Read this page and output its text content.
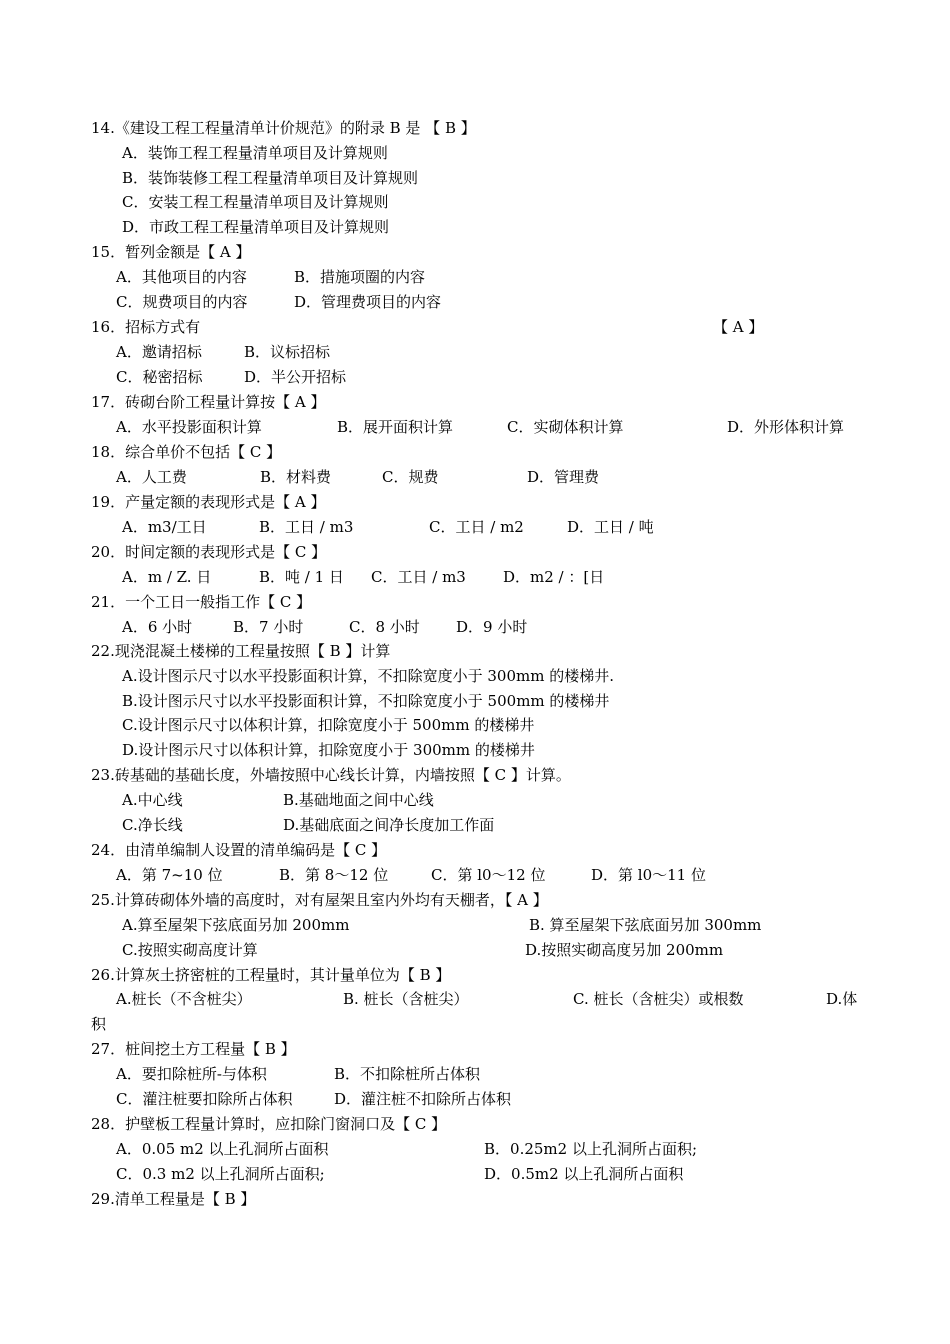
14.《建设工程工程量清单计价规范》的附录 B 是 【 B 】
A．装饰工程工程量清单项目及计算规则
B．装饰装修工程工程量清单项目及计算规则
C．安装工程工程量清单项目及计算规则
D．市政工程工程量清单项目及计算规则
15．暂列金额是【 A 】
A．其他项目的内容	B．措施项圈的内容
C．规费项目的内容	D．管理费项目的内容
16．招标方式有	【 A 】
A．邀请招标	B．议标招标
C．秘密招标	D．半公开招标
17．砖砌台阶工程量计算按【 A 】
A．水平投影面积计算	B．展开面积计算	C．实砌体积计算	D．外形体积计算
18．综合单价不包括【 C 】
A．人工费	B．材料费	C．规费	D．管理费
19．产量定额的表现形式是【 A 】
A．m3/工日	B．工日 / m3	C．工日 / m2	D．工日 / 吨
20．时间定额的表现形式是【 C 】
A．m / Z. 日	B．吨 / 1 日 C．工日 / m3 D．m2 / ：[日
21．一个工日一般指工作【 C 】
A．6 小时	B．7 小时	C．8 小时 D．9 小时
22.现浇混凝土楼梯的工程量按照【 B 】计算
A.设计图示尺寸以水平投影面积计算，不扣除宽度小于 300mm 的楼梯井.
B.设计图示尺寸以水平投影面积计算，不扣除宽度小于 500mm 的楼梯井
C.设计图示尺寸以体积计算，扣除宽度小于 500mm 的楼梯井
D.设计图示尺寸以体积计算，扣除宽度小于 300mm 的楼梯井
23.砖基础的基础长度，外墙按照中心线长计算，内墙按照【 C 】计算。
A.中心线	B.基础地面之间中心线
C.净长线	D.基础底面之间净长度加工作面
24．由清单编制人设置的清单编码是【 C 】
A．第 7~10 位	B．第 8～12 位	C．第 l0～12 位	D．第 l0～11 位
25.计算砖砌体外墙的高度时，对有屋架且室内外均有天棚者，【 A 】
A.算至屋架下弦底面另加 200mm	B. 算至屋架下弦底面另加 300mm
C.按照实砌高度计算	D.按照实砌高度另加 200mm
26.计算灰土挤密桩的工程量时，其计量单位为【 B 】
A.桩长（不含桩尖）	B. 桩长（含桩尖）	C. 桩长（含桩尖）或根数	D.体
积
27．桩间挖土方工程量【 B 】
A．要扣除桩所-与体积	B．不扣除桩所占体积
C．灌注桩要扣除所占体积	D．灌注桩不扣除所占体积
28．护壁板工程量计算时，应扣除门窗洞口及【 C 】
A．0.05 m2 以上孔洞所占面积	B．0.25m2 以上孔洞所占面积;
C．0.3 m2 以上孔洞所占面积;	D．0.5m2 以上孔洞所占面积
29.清单工程量是【 B 】
